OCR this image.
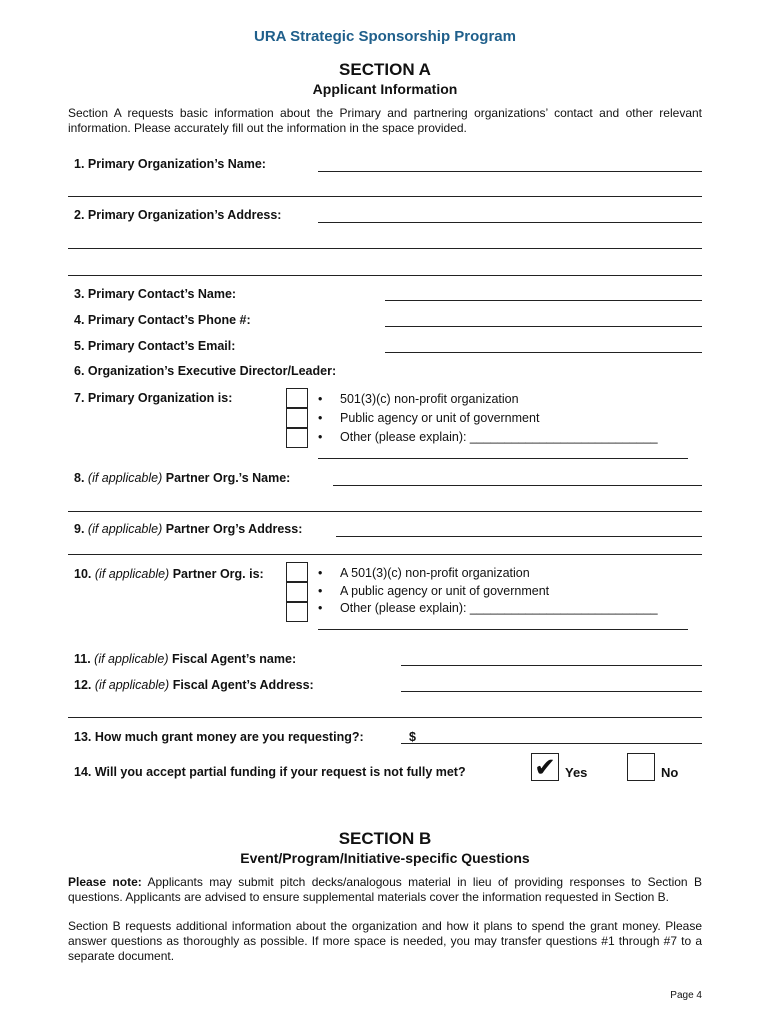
URA Strategic Sponsorship Program
SECTION A
Applicant Information
Section A requests basic information about the Primary and partnering organizations’ contact and other relevant information. Please accurately fill out the information in the space provided.
1. Primary Organization’s Name:
2. Primary Organization’s Address:
3. Primary Contact’s Name:
4. Primary Contact’s Phone #:
5. Primary Contact’s Email:
6. Organization’s Executive Director/Leader:
7. Primary Organization is:	• 501(3)(c) non-profit organization
• Public agency or unit of government
• Other (please explain): ___________________________
8. (if applicable) Partner Org.’s Name:
9. (if applicable) Partner Org’s Address:
10. (if applicable) Partner Org. is:	• A 501(3)(c) non-profit organization
• A public agency or unit of government
• Other (please explain): ___________________________
11. (if applicable) Fiscal Agent’s name:
12. (if applicable) Fiscal Agent’s Address:
13. How much grant money are you requesting?:	$
14. Will you accept partial funding if your request is not fully met?	✔ Yes	No
SECTION B
Event/Program/Initiative-specific Questions
Please note: Applicants may submit pitch decks/analogous material in lieu of providing responses to Section B questions. Applicants are advised to ensure supplemental materials cover the information requested in Section B.
Section B requests additional information about the organization and how it plans to spend the grant money. Please answer questions as thoroughly as possible. If more space is needed, you may transfer questions #1 through #7 to a separate document.
Page 4
